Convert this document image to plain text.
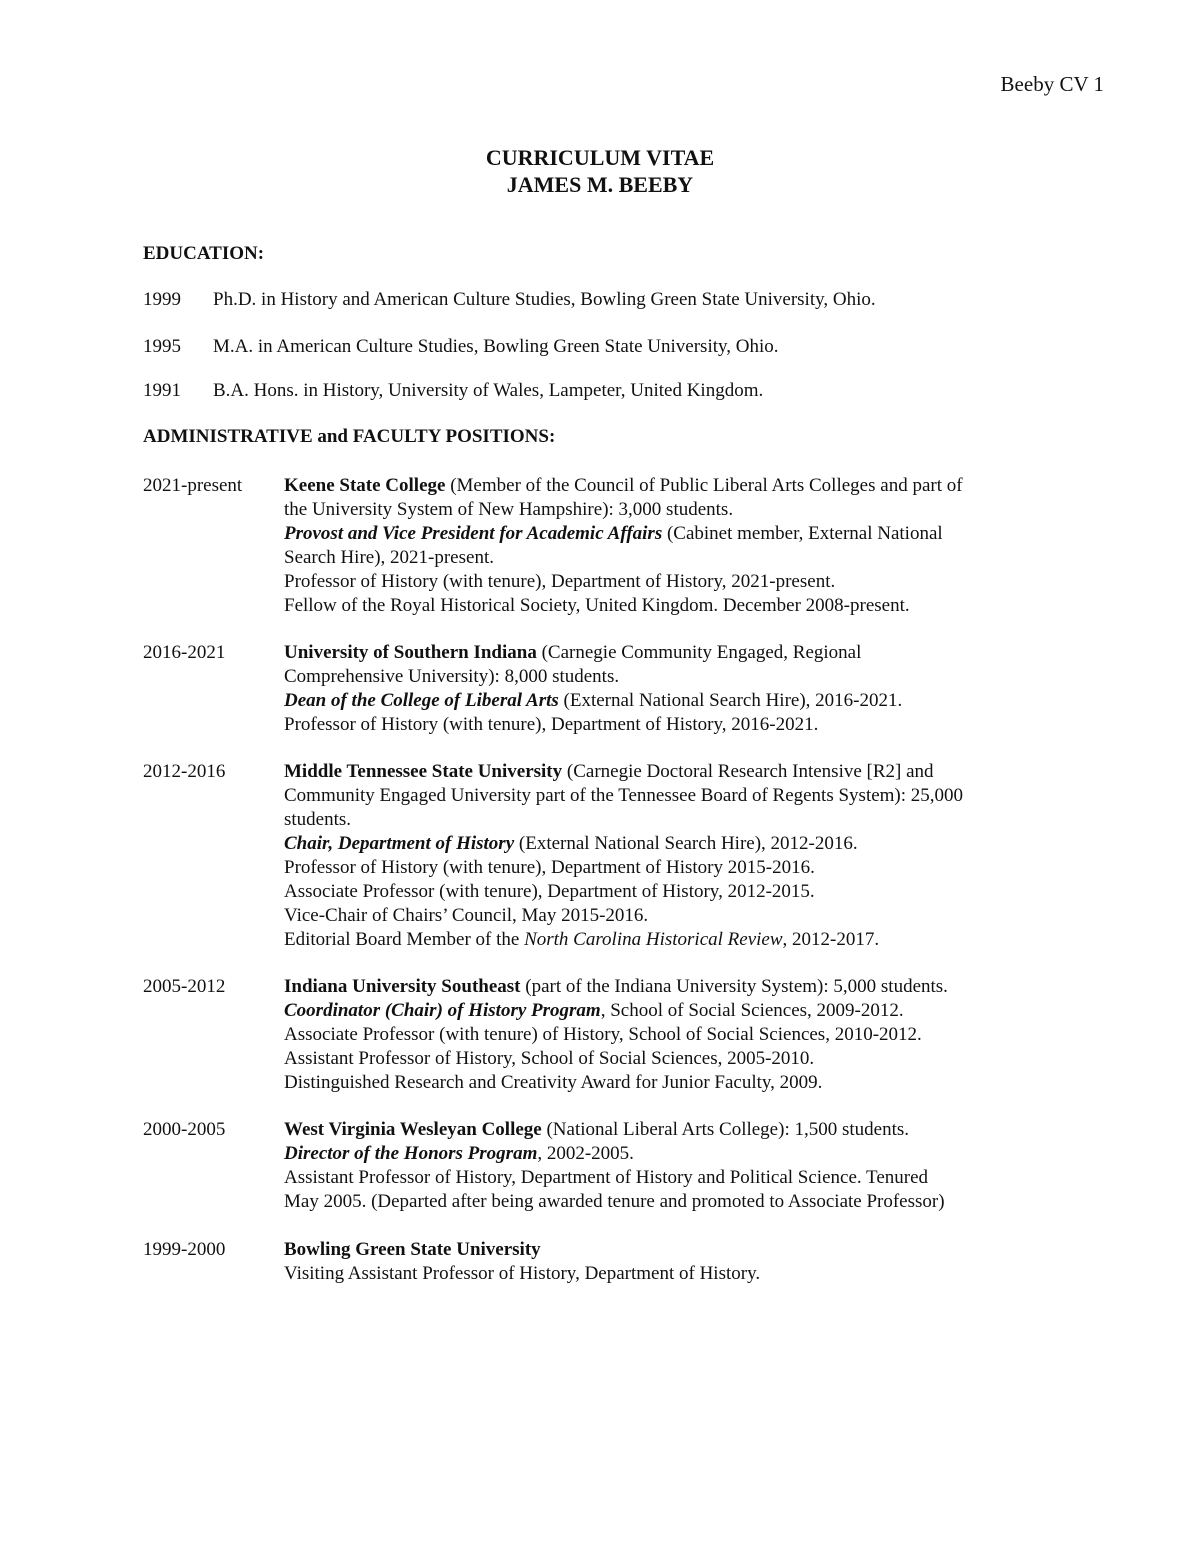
Beeby CV 1
CURRICULUM VITAE
JAMES M. BEEBY
EDUCATION:
1999 Ph.D. in History and American Culture Studies, Bowling Green State University, Ohio.
1995 M.A. in American Culture Studies, Bowling Green State University, Ohio.
1991 B.A. Hons. in History, University of Wales, Lampeter, United Kingdom.
ADMINISTRATIVE and FACULTY POSITIONS:
2021-present Keene State College (Member of the Council of Public Liberal Arts Colleges and part of
the University System of New Hampshire): 3,000 students.
Provost and Vice President for Academic Affairs (Cabinet member, External National
Search Hire), 2021-present.
Professor of History (with tenure), Department of History, 2021-present.
Fellow of the Royal Historical Society, United Kingdom. December 2008-present.
2016-2021	University of Southern Indiana (Carnegie Community Engaged, Regional
Comprehensive University): 8,000 students.
Dean of the College of Liberal Arts (External National Search Hire), 2016-2021.
Professor of History (with tenure), Department of History, 2016-2021.
2012-2016	Middle Tennessee State University (Carnegie Doctoral Research Intensive [R2] and
Community Engaged University part of the Tennessee Board of Regents System): 25,000
students.
Chair, Department of History (External National Search Hire), 2012-2016.
Professor of History (with tenure), Department of History 2015-2016.
Associate Professor (with tenure), Department of History, 2012-2015.
Vice-Chair of Chairs’ Council, May 2015-2016.
Editorial Board Member of the North Carolina Historical Review, 2012-2017.
2005-2012	Indiana University Southeast (part of the Indiana University System): 5,000 students.
Coordinator (Chair) of History Program, School of Social Sciences, 2009-2012.
Associate Professor (with tenure) of History, School of Social Sciences, 2010-2012.
Assistant Professor of History, School of Social Sciences, 2005-2010.
Distinguished Research and Creativity Award for Junior Faculty, 2009.
2000-2005	West Virginia Wesleyan College (National Liberal Arts College): 1,500 students.
Director of the Honors Program, 2002-2005.
Assistant Professor of History, Department of History and Political Science. Tenured
May 2005. (Departed after being awarded tenure and promoted to Associate Professor)
1999-2000	Bowling Green State University
Visiting Assistant Professor of History, Department of History.
